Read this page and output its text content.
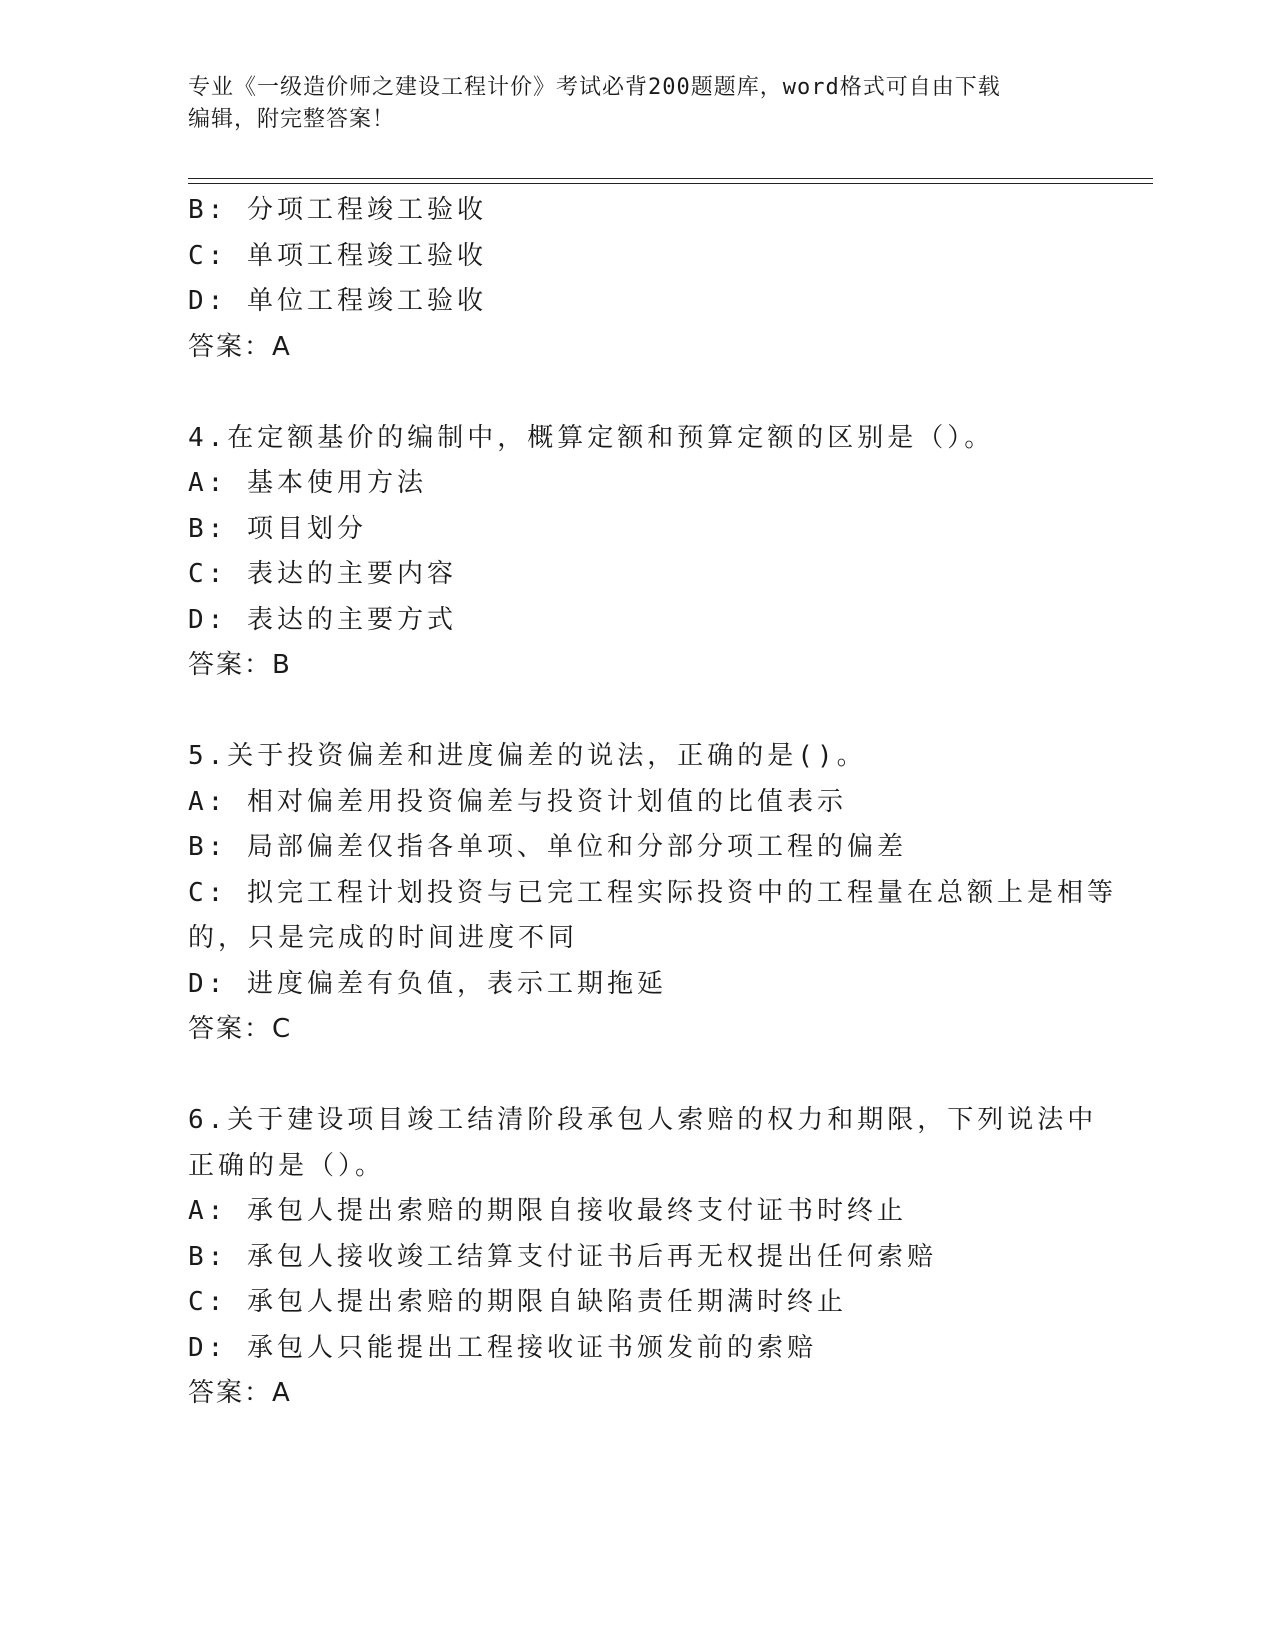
专业《一级造价师之建设工程计价》考试必背200题题库，word格式可自由下载
编辑，附完整答案！
B: 分项工程竣工验收
C: 单项工程竣工验收
D: 单位工程竣工验收
答案：A
4.在定额基价的编制中，概算定额和预算定额的区别是（）。
A: 基本使用方法
B: 项目划分
C: 表达的主要内容
D: 表达的主要方式
答案：B
5.关于投资偏差和进度偏差的说法，正确的是()。
A: 相对偏差用投资偏差与投资计划值的比值表示
B: 局部偏差仅指各单项、单位和分部分项工程的偏差
C: 拟完工程计划投资与已完工程实际投资中的工程量在总额上是相等
的，只是完成的时间进度不同
D: 进度偏差有负值，表示工期拖延
答案：C
6.关于建设项目竣工结清阶段承包人索赔的权力和期限，下列说法中
正确的是（）。
A: 承包人提出索赔的期限自接收最终支付证书时终止
B: 承包人接收竣工结算支付证书后再无权提出任何索赔
C: 承包人提出索赔的期限自缺陷责任期满时终止
D: 承包人只能提出工程接收证书颁发前的索赔
答案：A
